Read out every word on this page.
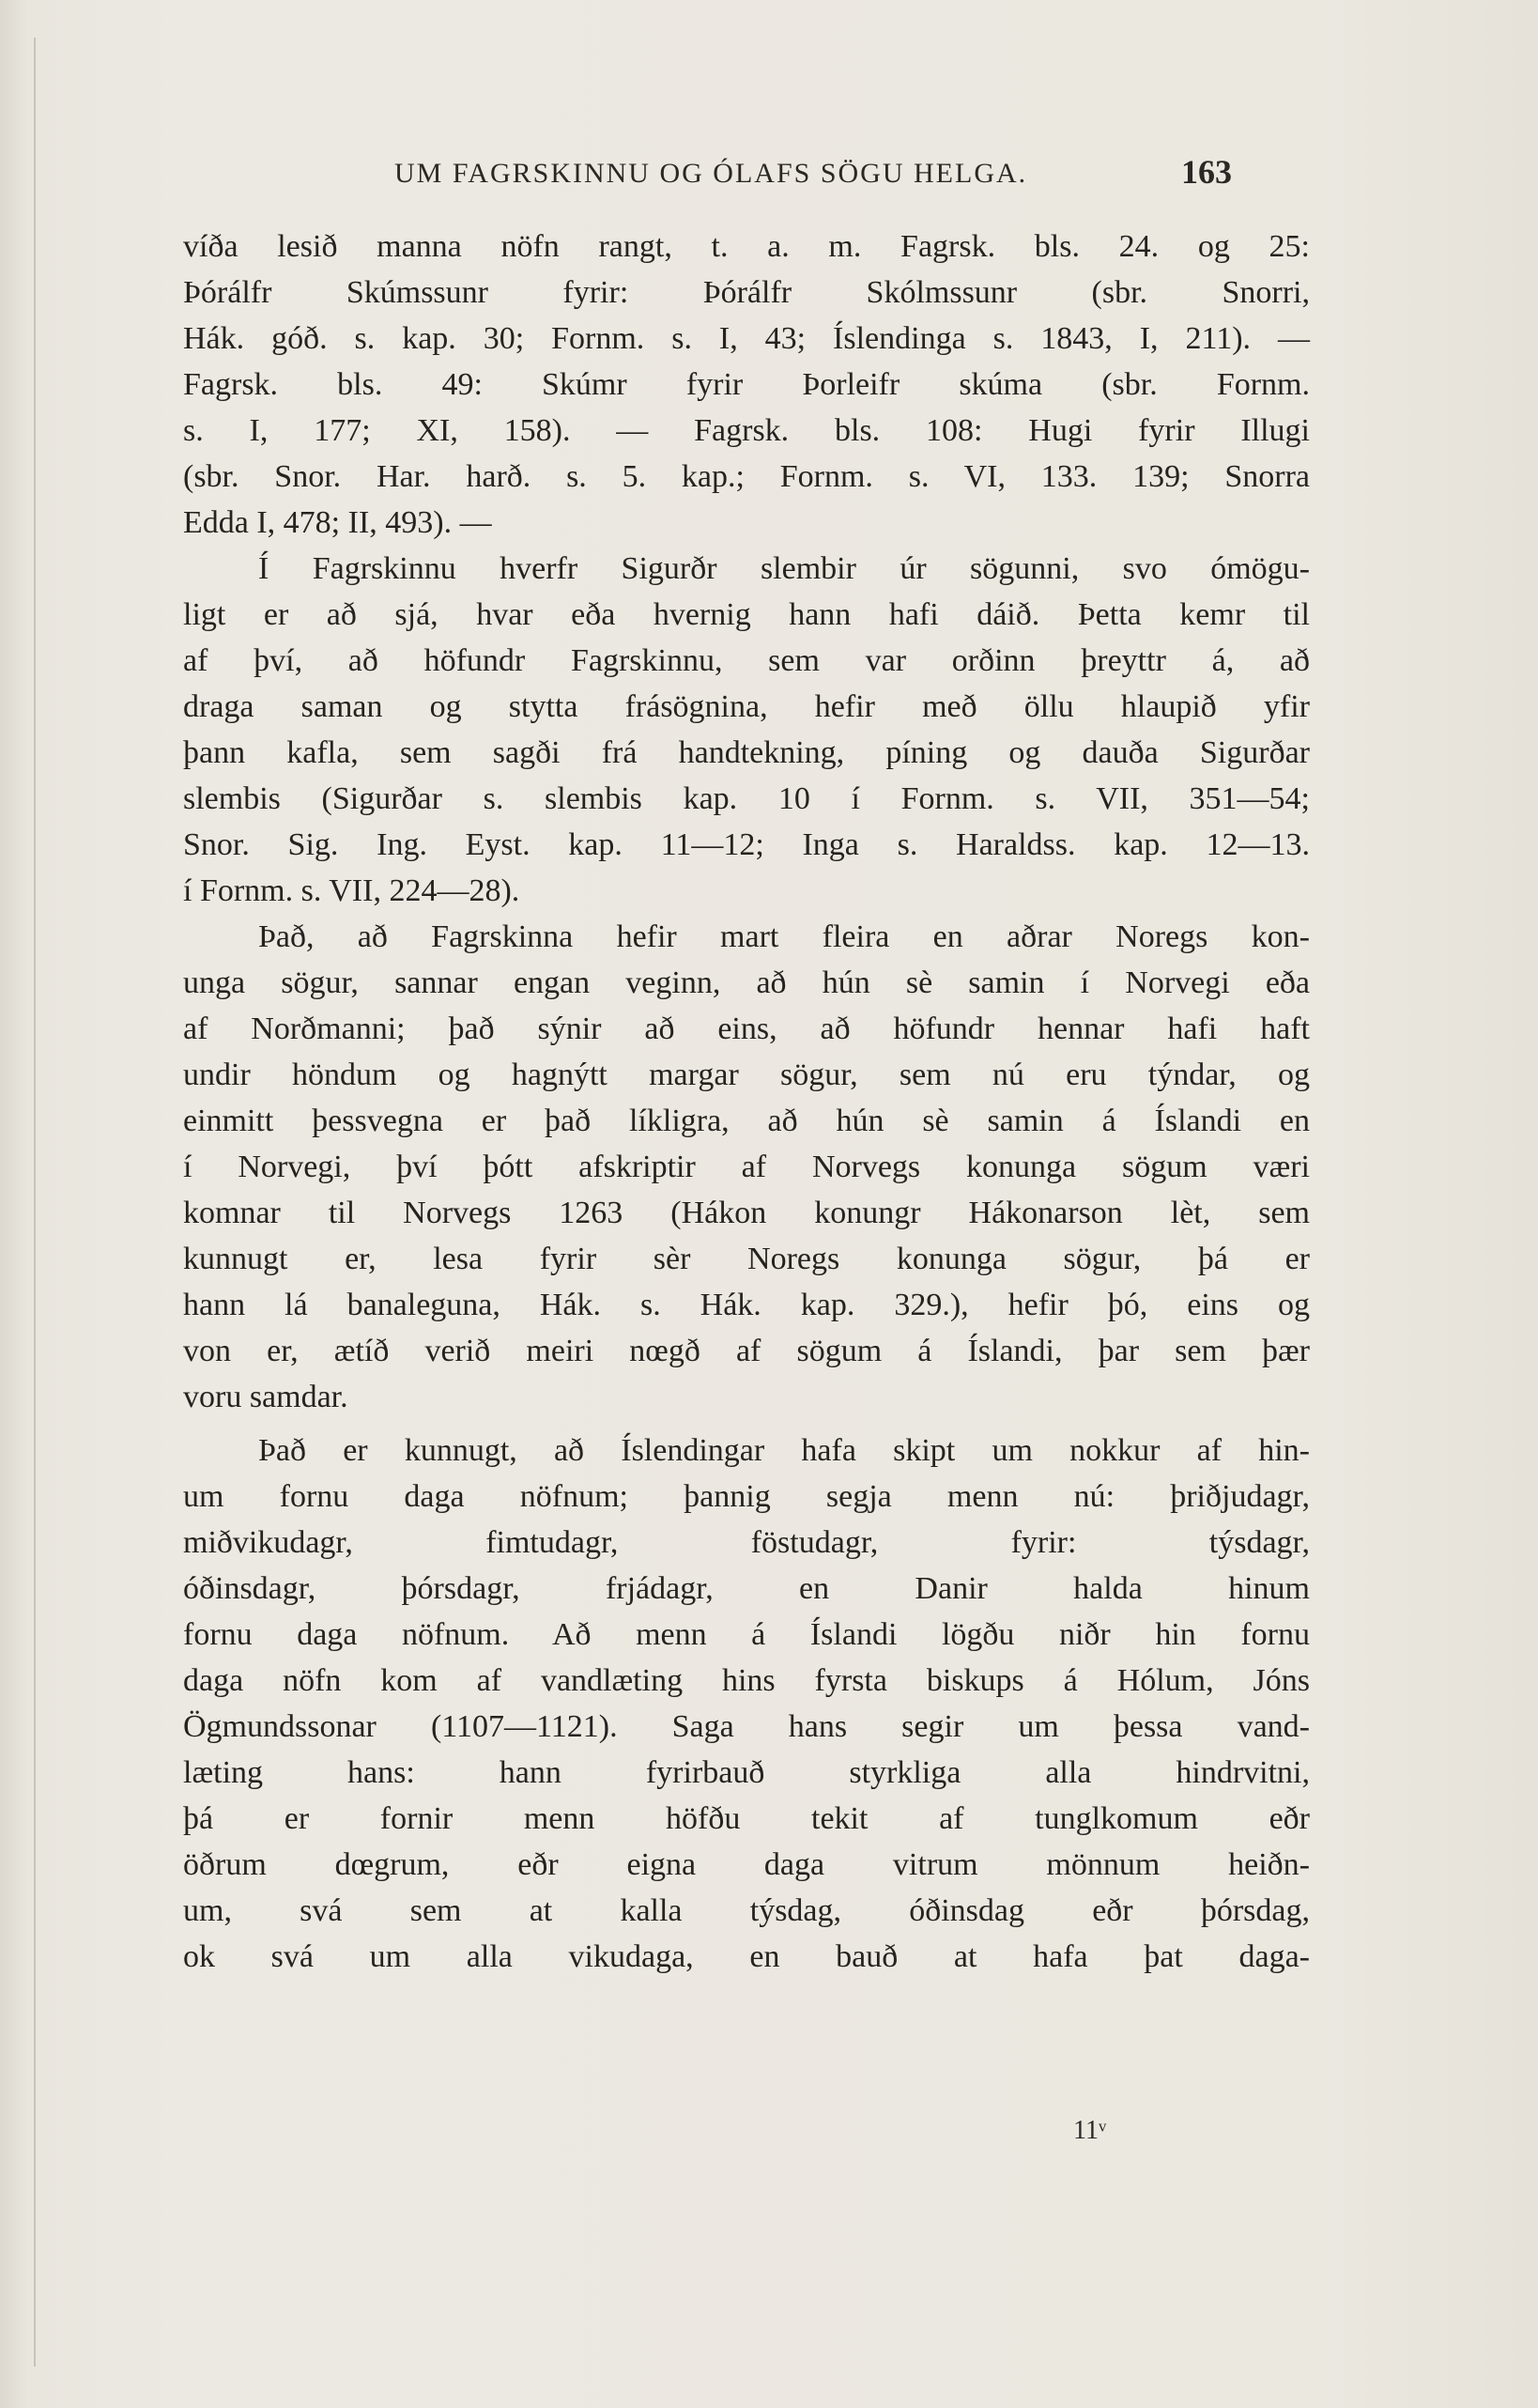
UM FAGRSKINNU OG ÓLAFS SÖGU HELGA.	163
víða lesið manna nöfn rangt, t. a. m. Fagrsk. bls. 24. og 25:
Þórálfr Skúmssunr fyrir: Þórálfr Skólmssunr (sbr. Snorri,
Hák. góð. s. kap. 30; Fornm. s. I, 43; Íslendinga s. 1843, I, 211). —
Fagrsk. bls. 49: Skúmr fyrir Þorleifr skúma (sbr. Fornm.
s. I, 177; XI, 158). — Fagrsk. bls. 108: Hugi fyrir Illugi
(sbr. Snor. Har. harð. s. 5. kap.; Fornm. s. VI, 133. 139; Snorra
Edda I, 478; II, 493). —
Í Fagrskinnu hverfr Sigurðr slembir úr sögunni, svo ómögu-
ligt er að sjá, hvar eða hvernig hann hafi dáið. Þetta kemr til
af því, að höfundr Fagrskinnu, sem var orðinn þreyttr á, að
draga saman og stytta frásögnina, hefir með öllu hlaupið yfir
þann kafla, sem sagði frá handtekning, píning og dauða Sigurðar
slembis (Sigurðar s. slembis kap. 10 í Fornm. s. VII, 351—54;
Snor. Sig. Ing. Eyst. kap. 11—12; Inga s. Haraldss. kap. 12—13.
í Fornm. s. VII, 224—28).
Það, að Fagrskinna hefir mart fleira en aðrar Noregs kon-
unga sögur, sannar engan veginn, að hún sè samin í Norvegi eða
af Norðmanni; það sýnir að eins, að höfundr hennar hafi haft
undir höndum og hagnýtt margar sögur, sem nú eru týndar, og
einmitt þessvegna er það líkligra, að hún sè samin á Íslandi en
í Norvegi, því þótt afskriptir af Norvegs konunga sögum væri
komnar til Norvegs 1263 (Hákon konungr Hákonarson lèt, sem
kunnugt er, lesa fyrir sèr Noregs konunga sögur, þá er
hann lá banaleguna, Hák. s. Hák. kap. 329.), hefir þó, eins og
von er, ætíð verið meiri nœgð af sögum á Íslandi, þar sem þær
voru samdar.
Það er kunnugt, að Íslendingar hafa skipt um nokkur af hin-
um fornu daga nöfnum; þannig segja menn nú: þriðjudagr,
miðvikudagr, fimtudagr, föstudagr, fyrir: týsdagr,
óðinsdagr, þórsdagr, frjádagr, en Danir halda hinum
fornu daga nöfnum. Að menn á Íslandi lögðu niðr hin fornu
daga nöfn kom af vandlæting hins fyrsta biskups á Hólum, Jóns
Ögmundssonar (1107—1121). Saga hans segir um þessa vand-
læting hans: hann fyrirbauð styrkliga alla hindrvitni,
þá er fornir menn höfðu tekit af tunglkomum eðr
öðrum dœgrum, eðr eigna daga vitrum mönnum heiðn-
um, svá sem at kalla týsdag, óðinsdag eðr þórsdag,
ok svá um alla vikudaga, en bauð at hafa þat daga-
11ᵛ
